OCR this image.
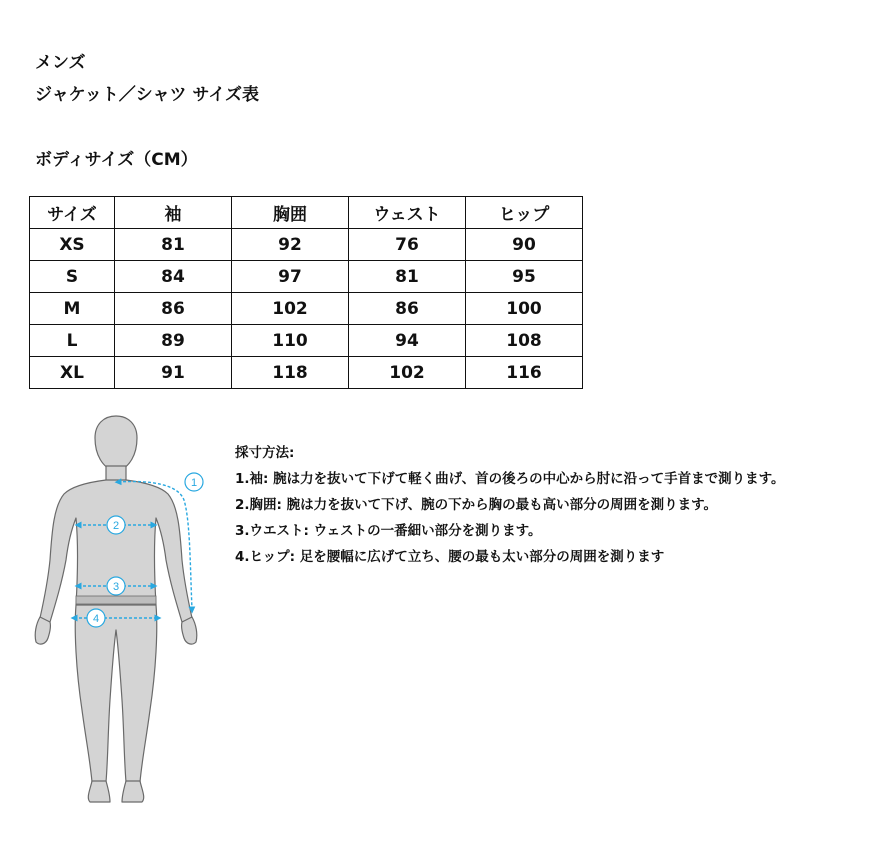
メンズ
ジャケット／シャツ サイズ表
ボディサイズ（CM）
サイズ	袖	胸囲	ウェスト	ヒップ
XS	81	92	76	90
S	84	97	81	95
M	86	102	86	100
L	89	110	94	108
XL	91	118	102	116
1
2
3
4
採寸方法:
1.袖: 腕は力を抜いて下げて軽く曲げ、首の後ろの中心から肘に沿って手首まで測ります。
2.胸囲: 腕は力を抜いて下げ、腕の下から胸の最も高い部分の周囲を測ります。
3.ウエスト: ウェストの一番細い部分を測ります。
4.ヒップ: 足を腰幅に広げて立ち、腰の最も太い部分の周囲を測ります
